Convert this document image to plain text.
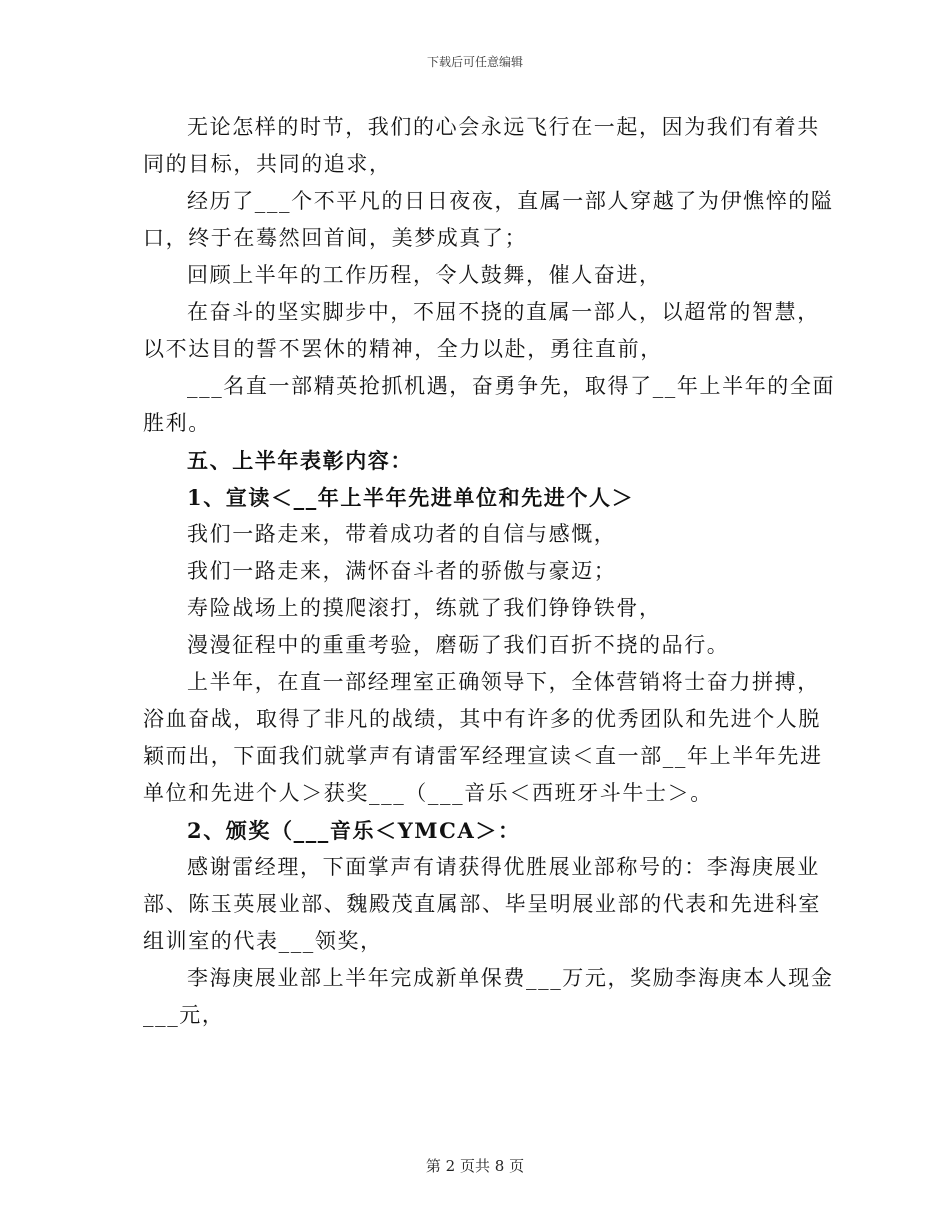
下载后可任意编辑

无论怎样的时节，我们的心会永远飞行在一起，因为我们有着共
同的目标，共同的追求，

经历了___个不平凡的日日夜夜，直属一部人穿越了为伊憔悴的隘
口，终于在蓦然回首间，美梦成真了；

回顾上半年的工作历程，令人鼓舞，催人奋进，

在奋斗的坚实脚步中，不屈不挠的直属一部人，以超常的智慧，
以不达目的誓不罢休的精神，全力以赴，勇往直前，

___名直一部精英抢抓机遇，奋勇争先，取得了__年上半年的全面
胜利。

五、上半年表彰内容：

1、宣读＜__年上半年先进单位和先进个人＞

我们一路走来，带着成功者的自信与感慨，

我们一路走来，满怀奋斗者的骄傲与豪迈；

寿险战场上的摸爬滚打，练就了我们铮铮铁骨，

漫漫征程中的重重考验，磨砺了我们百折不挠的品行。

上半年，在直一部经理室正确领导下，全体营销将士奋力拼搏，
浴血奋战，取得了非凡的战绩，其中有许多的优秀团队和先进个人脱
颖而出，下面我们就掌声有请雷军经理宣读＜直一部__年上半年先进
单位和先进个人＞获奖___（___音乐＜西班牙斗牛士＞。

2、颁奖（___音乐＜YMCA＞：

感谢雷经理，下面掌声有请获得优胜展业部称号的：李海庚展业
部、陈玉英展业部、魏殿茂直属部、毕呈明展业部的代表和先进科室
组训室的代表___领奖，

李海庚展业部上半年完成新单保费___万元，奖励李海庚本人现金
___元，

第 2 页共 8 页
